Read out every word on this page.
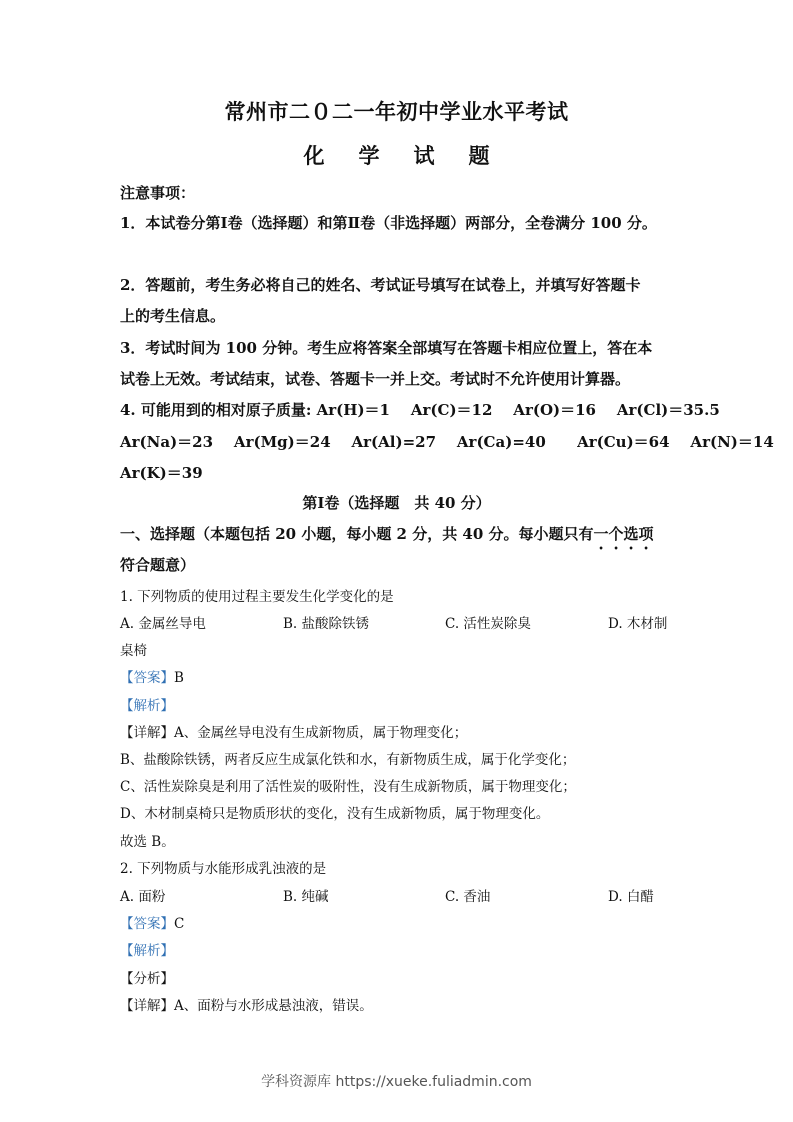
常州市二０二一年初中学业水平考试
化学试题
注意事项：
1．本试卷分第Ⅰ卷（选择题）和第Ⅱ卷（非选择题）两部分，全卷满分 100 分。
2．答题前，考生务必将自己的姓名、考试证号填写在试卷上，并填写好答题卡
上的考生信息。
3．考试时间为 100 分钟。考生应将答案全部填写在答题卡相应位置上，答在本
试卷上无效。考试结束，试卷、答题卡一并上交。考试时不允许使用计算器。
4. 可能用到的相对原子质量: Ar(H)＝1    Ar(C)＝12    Ar(O)＝16    Ar(Cl)＝35.5
Ar(Na)＝23    Ar(Mg)＝24    Ar(Al)=27    Ar(Ca)=40      Ar(Cu)＝64    Ar(N)＝14
Ar(K)＝39
第Ⅰ卷（选择题　共 40 分）
一、选择题（本题包括 20 小题，每小题 2 分，共 40 分。每小题只有一个选项
符合题意）
1. 下列物质的使用过程主要发生化学变化的是
A. 金属丝导电	B. 盐酸除铁锈	C. 活性炭除臭	D. 木材制
桌椅
【答案】B
【解析】
【详解】A、金属丝导电没有生成新物质，属于物理变化；
B、盐酸除铁锈，两者反应生成氯化铁和水，有新物质生成，属于化学变化；
C、活性炭除臭是利用了活性炭的吸附性，没有生成新物质，属于物理变化；
D、木材制桌椅只是物质形状的变化，没有生成新物质，属于物理变化。
故选 B。
2. 下列物质与水能形成乳浊液的是
A. 面粉	B. 纯碱	C. 香油	D. 白醋
【答案】C
【解析】
【分析】
【详解】A、面粉与水形成悬浊液，错误。
学科资源库 https://xueke.fuliadmin.com
